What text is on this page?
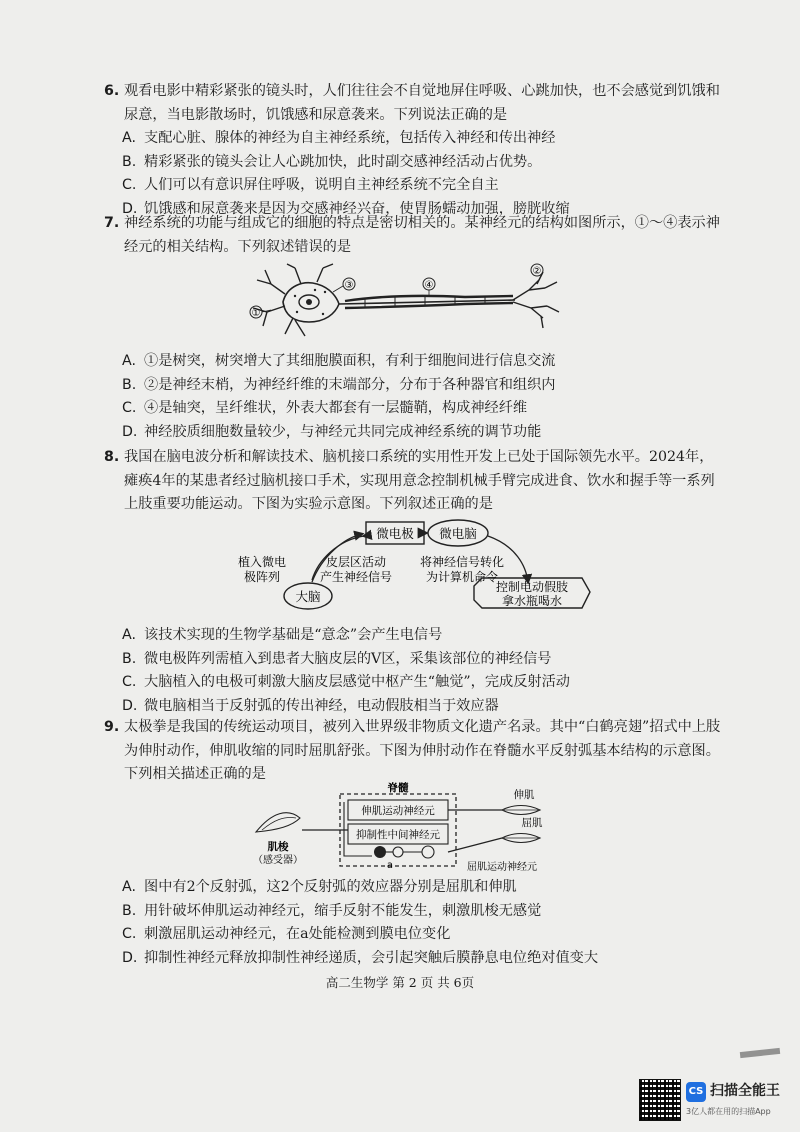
6. 观看电影中精彩紧张的镜头时，人们往往会不自觉地屏住呼吸、心跳加快，也不会感觉到饥饿和尿意，当电影散场时，饥饿感和尿意袭来。下列说法正确的是
A. 支配心脏、腺体的神经为自主神经系统，包括传入神经和传出神经
B. 精彩紧张的镜头会让人心跳加快，此时副交感神经活动占优势。
C. 人们可以有意识屏住呼吸，说明自主神经系统不完全自主
D. 饥饿感和尿意袭来是因为交感神经兴奋，使胃肠蠕动加强，膀胱收缩
7. 神经系统的功能与组成它的细胞的特点是密切相关的。某神经元的结构如图所示，①～④表示神经元的相关结构。下列叙述错误的是
①
②
③	④
A. ①是树突，树突增大了其细胞膜面积，有利于细胞间进行信息交流
B. ②是神经末梢，为神经纤维的末端部分，分布于各种器官和组织内
C. ④是轴突，呈纤维状，外表大都套有一层髓鞘，构成神经纤维
D. 神经胶质细胞数量较少，与神经元共同完成神经系统的调节功能
8. 我国在脑电波分析和解读技术、脑机接口系统的实用性开发上已处于国际领先水平。2024年，瘫痪4年的某患者经过脑机接口手术，实现用意念控制机械手臂完成进食、饮水和握手等一系列上肢重要功能运动。下图为实验示意图。下列叙述正确的是
微电极 微电脑
大脑
植入微电
极阵列
皮层区活动
产生神经信号
将神经信号转化
为计算机命令
控制电动假肢
拿水瓶喝水
A. 该技术实现的生物学基础是“意念”会产生电信号
B. 微电极阵列需植入到患者大脑皮层的Ⅴ区，采集该部位的神经信号
C. 大脑植入的电极可刺激大脑皮层感觉中枢产生“触觉”，完成反射活动
D. 微电脑相当于反射弧的传出神经，电动假肢相当于效应器
9. 太极拳是我国的传统运动项目，被列入世界级非物质文化遗产名录。其中“白鹤亮翅”招式中上肢为伸肘动作，伸肌收缩的同时屈肌舒张。下图为伸肘动作在脊髓水平反射弧基本结构的示意图。下列相关描述正确的是
脊髓
伸肌运动神经元
抑制性中间神经元
a
肌梭
（感受器）
伸肌
屈肌
屈肌运动神经元
A. 图中有2个反射弧，这2个反射弧的效应器分别是屈肌和伸肌
B. 用针破坏伸肌运动神经元，缩手反射不能发生，刺激肌梭无感觉
C. 刺激屈肌运动神经元，在a处能检测到膜电位变化
D. 抑制性神经元释放抑制性神经递质，会引起突触后膜静息电位绝对值变大
高二生物学 第 2 页 共 6页
CS 扫描全能王
3亿人都在用的扫描App
